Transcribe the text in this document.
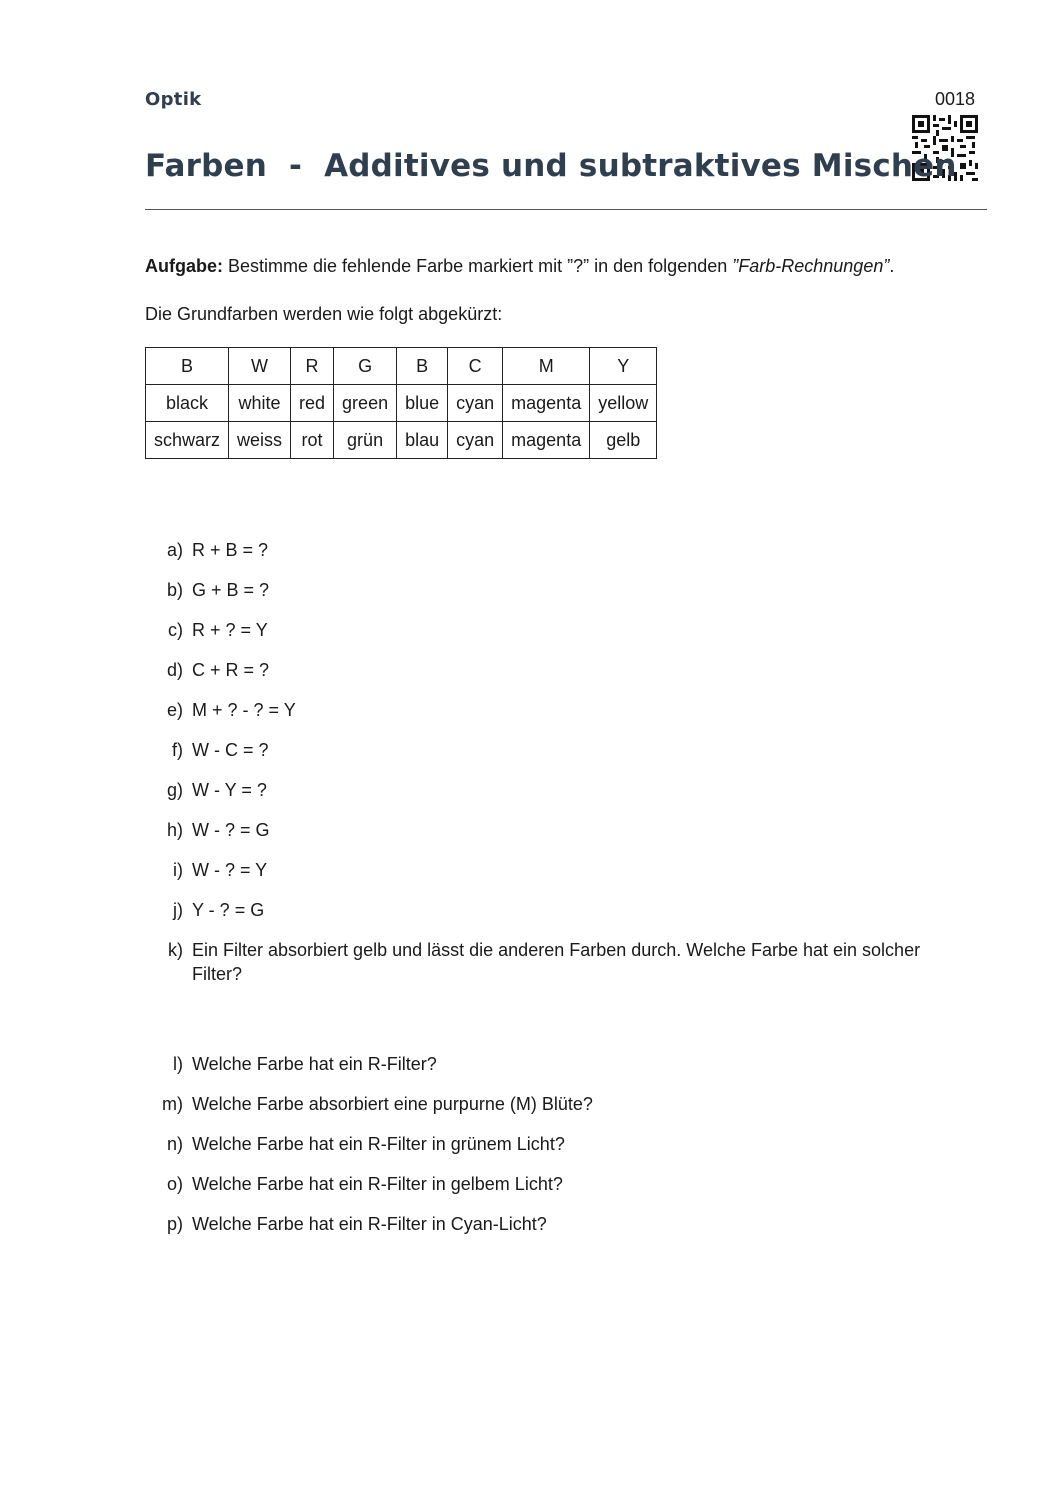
Optik	0018
Farben  -  Additives und subtraktives Mischen
Aufgabe: Bestimme die fehlende Farbe markiert mit ”?” in den folgenden ”Farb-Rechnungen”.
Die Grundfarben werden wie folgt abgekürzt:
B	W	R	G	B	C	M	Y
black	white	red	green	blue	cyan	magenta	yellow
schwarz	weiss	rot	grün	blau	cyan	magenta	gelb
a) R + B = ?
b) G + B = ?
c) R + ? = Y
d) C + R = ?
e) M + ? - ? = Y
f) W - C = ?
g) W - Y = ?
h) W - ? = G
i) W - ? = Y
j) Y - ? = G
k) Ein Filter absorbiert gelb und lässt die anderen Farben durch. Welche Farbe hat ein solcher Filter?
l) Welche Farbe hat ein R-Filter?
m) Welche Farbe absorbiert eine purpurne (M) Blüte?
n) Welche Farbe hat ein R-Filter in grünem Licht?
o) Welche Farbe hat ein R-Filter in gelbem Licht?
p) Welche Farbe hat ein R-Filter in Cyan-Licht?
